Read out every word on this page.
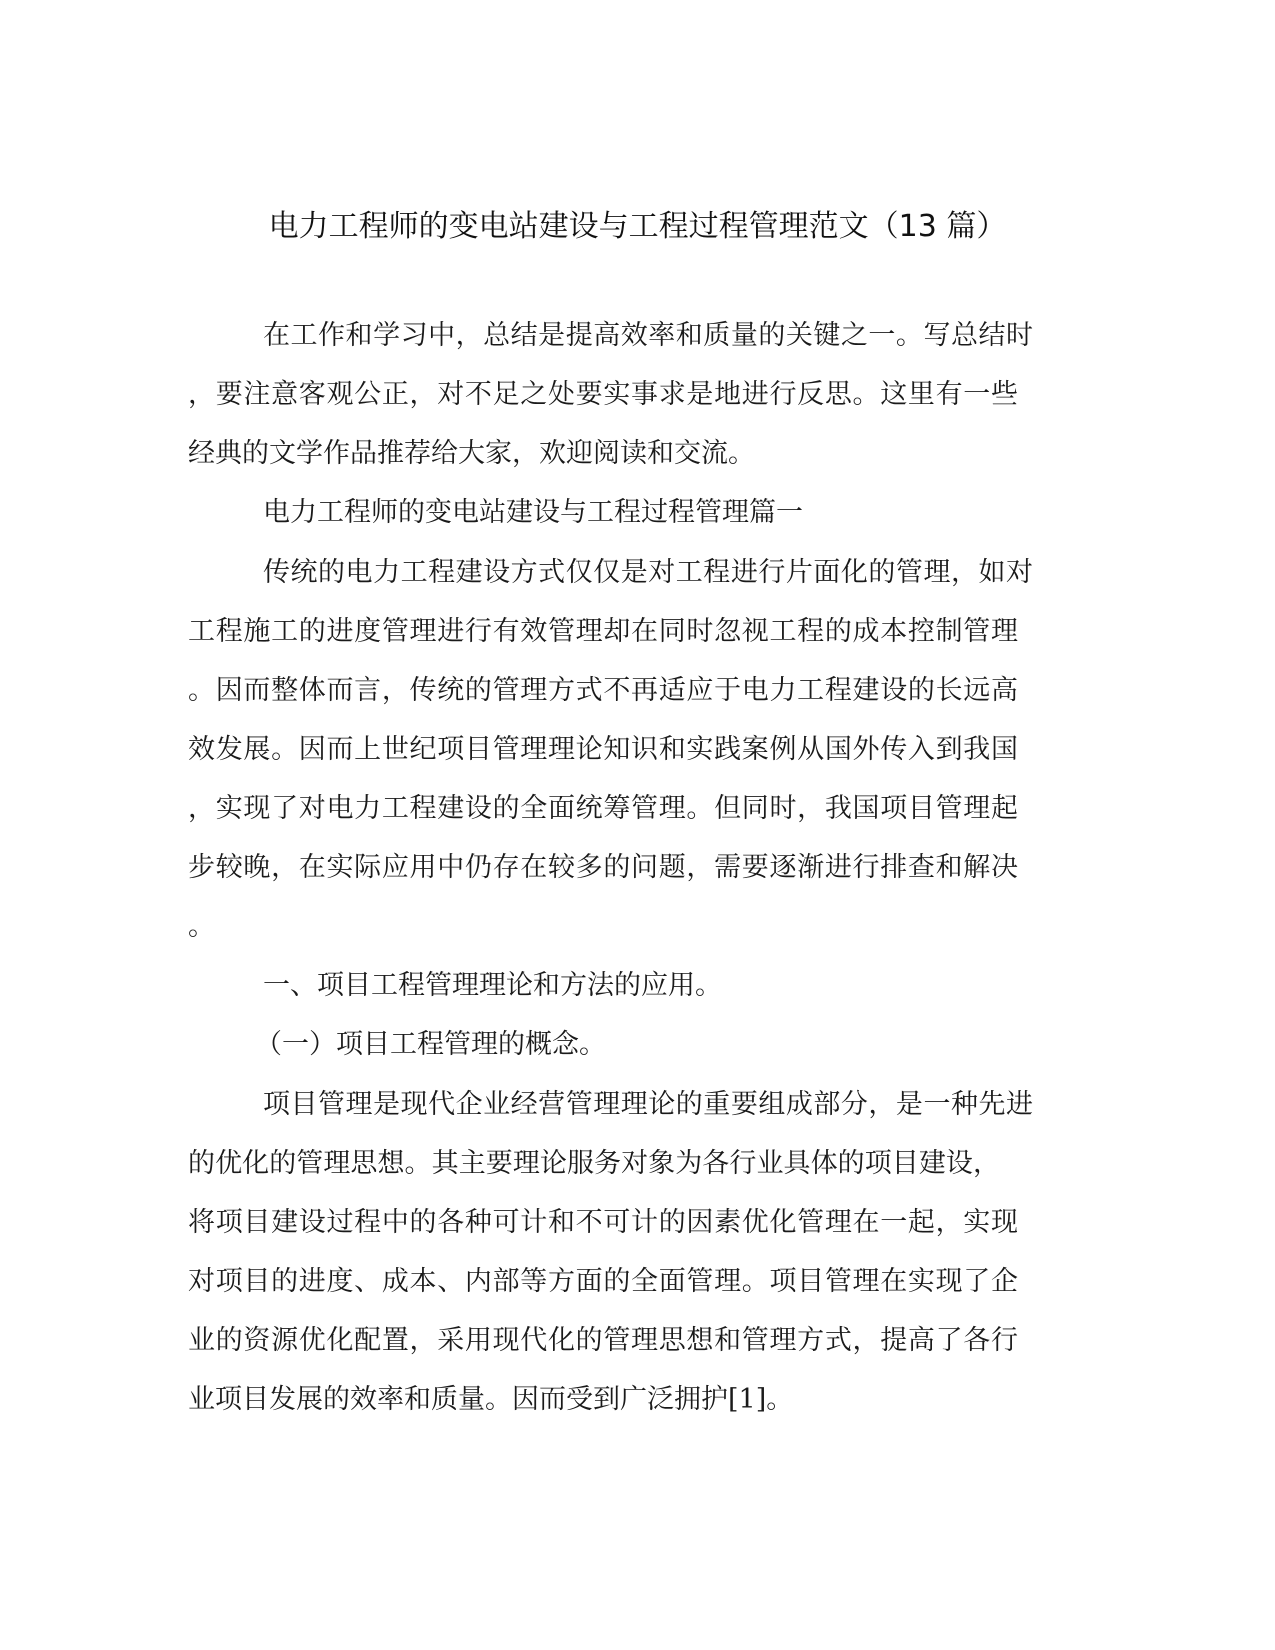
电力工程师的变电站建设与工程过程管理范文（13 篇）
在工作和学习中，总结是提高效率和质量的关键之一。写总结时
，要注意客观公正，对不足之处要实事求是地进行反思。这里有一些
经典的文学作品推荐给大家，欢迎阅读和交流。
电力工程师的变电站建设与工程过程管理篇一
传统的电力工程建设方式仅仅是对工程进行片面化的管理，如对
工程施工的进度管理进行有效管理却在同时忽视工程的成本控制管理
。因而整体而言，传统的管理方式不再适应于电力工程建设的长远高
效发展。因而上世纪项目管理理论知识和实践案例从国外传入到我国
，实现了对电力工程建设的全面统筹管理。但同时，我国项目管理起
步较晚，在实际应用中仍存在较多的问题，需要逐渐进行排查和解决
。
一、项目工程管理理论和方法的应用。
（一）项目工程管理的概念。
项目管理是现代企业经营管理理论的重要组成部分，是一种先进
的优化的管理思想。其主要理论服务对象为各行业具体的项目建设，
将项目建设过程中的各种可计和不可计的因素优化管理在一起，实现
对项目的进度、成本、内部等方面的全面管理。项目管理在实现了企
业的资源优化配置，采用现代化的管理思想和管理方式，提高了各行
业项目发展的效率和质量。因而受到广泛拥护[1]。
